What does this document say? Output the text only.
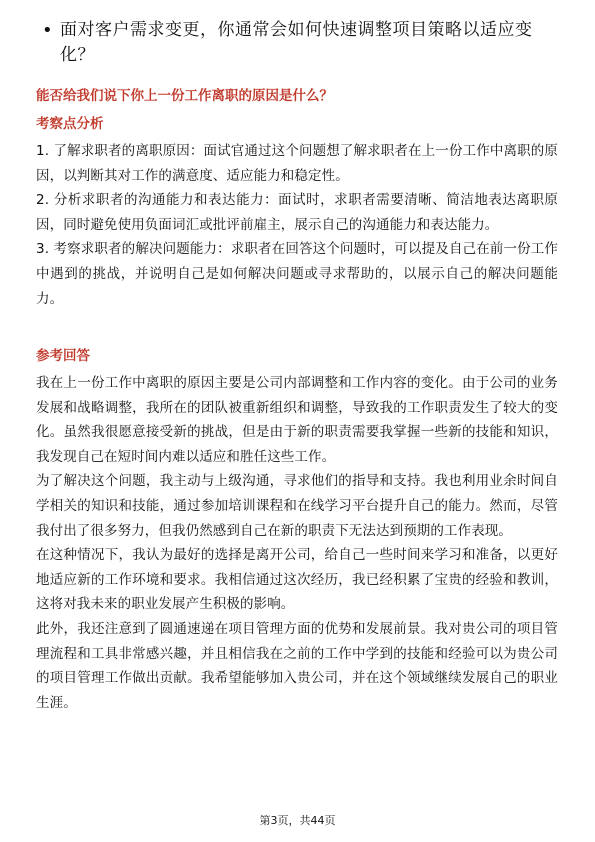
• 面对客户需求变更，你通常会如何快速调整项目策略以适应变化？
能否给我们说下你上一份工作离职的原因是什么？
考察点分析

1. 了解求职者的离职原因：面试官通过这个问题想了解求职者在上一份工作中离职的原因，以判断其对工作的满意度、适应能力和稳定性。

2. 分析求职者的沟通能力和表达能力：面试时，求职者需要清晰、简洁地表达离职原因，同时避免使用负面词汇或批评前雇主，展示自己的沟通能力和表达能力。

3. 考察求职者的解决问题能力：求职者在回答这个问题时，可以提及自己在前一份工作中遇到的挑战，并说明自己是如何解决问题或寻求帮助的，以展示自己的解决问题能力。

参考回答

我在上一份工作中离职的原因主要是公司内部调整和工作内容的变化。由于公司的业务发展和战略调整，我所在的团队被重新组织和调整，导致我的工作职责发生了较大的变化。虽然我很愿意接受新的挑战，但是由于新的职责需要我掌握一些新的技能和知识，我发现自己在短时间内难以适应和胜任这些工作。

为了解决这个问题，我主动与上级沟通，寻求他们的指导和支持。我也利用业余时间自学相关的知识和技能，通过参加培训课程和在线学习平台提升自己的能力。然而，尽管我付出了很多努力，但我仍然感到自己在新的职责下无法达到预期的工作表现。

在这种情况下，我认为最好的选择是离开公司，给自己一些时间来学习和准备，以更好地适应新的工作环境和要求。我相信通过这次经历，我已经积累了宝贵的经验和教训，这将对我未来的职业发展产生积极的影响。

此外，我还注意到了圆通速递在项目管理方面的优势和发展前景。我对贵公司的项目管理流程和工具非常感兴趣，并且相信我在之前的工作中学到的技能和经验可以为贵公司的项目管理工作做出贡献。我希望能够加入贵公司，并在这个领域继续发展自己的职业生涯。

第3页，共44页
